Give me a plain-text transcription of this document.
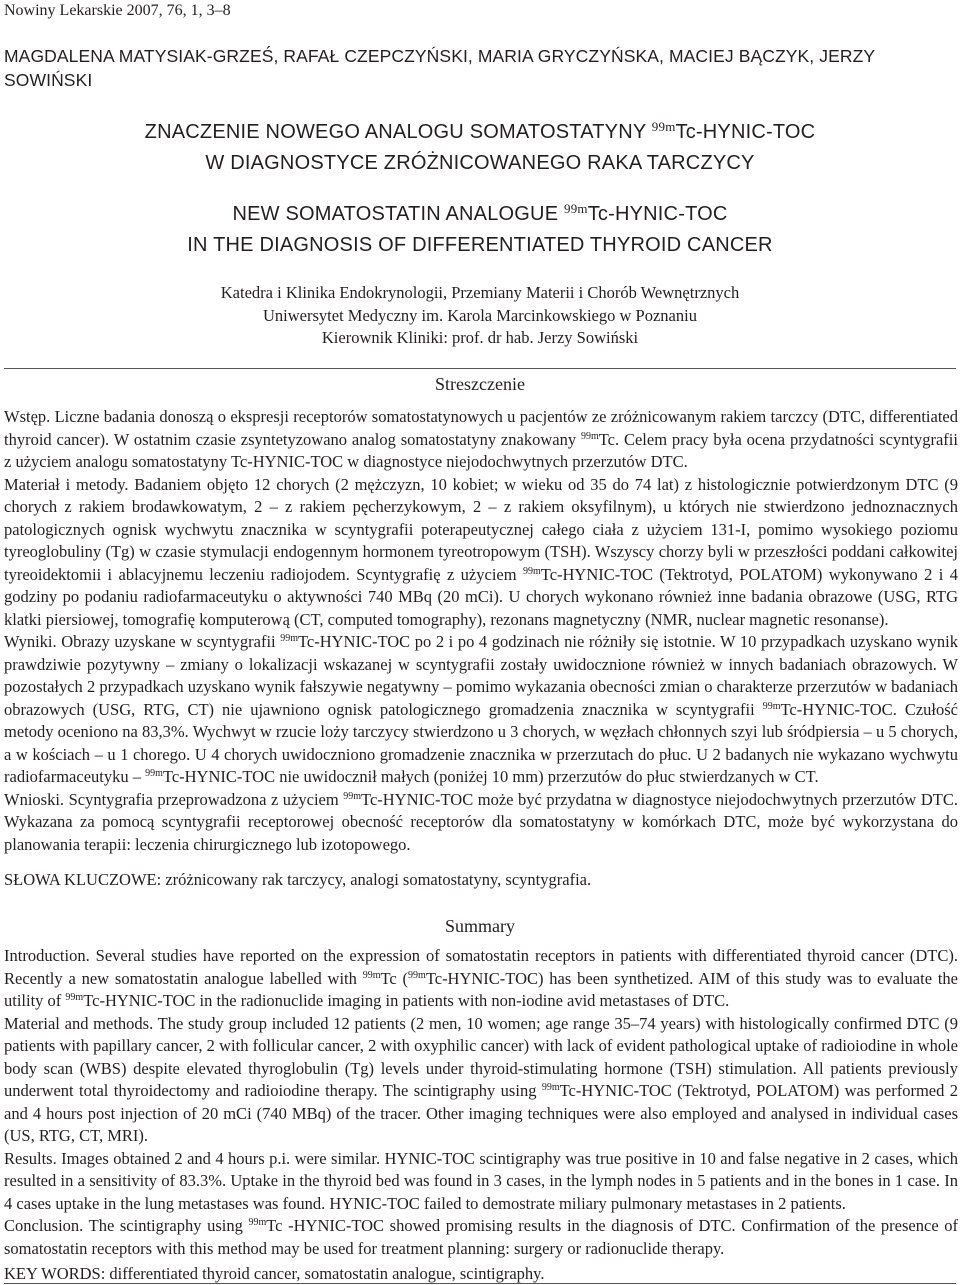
Nowiny Lekarskie 2007, 76, 1, 3–8
MAGDALENA MATYSIAK-GRZEŚ, RAFAŁ CZEPCZYŃSKI, MARIA GRYCZYŃSKA, MACIEJ BĄCZYK, JERZY SOWIŃSKI
ZNACZENIE NOWEGO ANALOGU SOMATOSTATYNY $^{99m}$Tc-HYNIC-TOC
W DIAGNOSTYCE ZRÓŻNICOWANEGO RAKA TARCZYCY
NEW SOMATOSTATIN ANALOGUE $^{99m}$Tc-HYNIC-TOC
IN THE DIAGNOSIS OF DIFFERENTIATED THYROID CANCER
Katedra i Klinika Endokrynologii, Przemiany Materii i Chorób Wewnętrznych
Uniwersytet Medyczny im. Karola Marcinkowskiego w Poznaniu
Kierownik Kliniki: prof. dr hab. Jerzy Sowiński
Streszczenie

Wstęp. Liczne badania donoszą o ekspresji receptorów somatostatynowych u pacjentów ze zróżnicowanym rakiem tarczcy (DTC, differentiated thyroid cancer). W ostatnim czasie zsyntetyzowano analog somatostatyny znakowany $^{99m}$Tc. Celem pracy była ocena przydatności scyntygrafii z użyciem analogu somatostatyny Tc-HYNIC-TOC w diagnostyce niejodochwytnych przerzutów DTC.

Materiał i metody. Badaniem objęto 12 chorych (2 mężczyzn, 10 kobiet; w wieku od 35 do 74 lat) z histologicznie potwierdzonym DTC (9 chorych z rakiem brodawkowatym, 2 – z rakiem pęcherzykowym, 2 – z rakiem oksyfilnym), u których nie stwierdzono jednoznacznych patologicznych ognisk wychwytu znacznika w scyntygrafii poterapeutycznej całego ciała z użyciem 131-I, pomimo wysokiego poziomu tyreoglobuliny (Tg) w czasie stymulacji endogennym hormonem tyreotropowym (TSH). Wszyscy chorzy byli w przeszłości poddani całkowitej tyreoidektomii i ablacyjnemu leczeniu radiojodem. Scyntygrafię z użyciem $^{99m}$Tc-HYNIC-TOC (Tektrotyd, POLATOM) wykonywano 2 i 4 godziny po podaniu radiofarmaceutyku o aktywności 740 MBq (20 mCi). U chorych wykonano również inne badania obrazowe (USG, RTG klatki piersiowej, tomografię komputerową (CT, computed tomography), rezonans magnetyczny (NMR, nuclear magnetic resonanse).

Wyniki. Obrazy uzyskane w scyntygrafii $^{99m}$Tc-HYNIC-TOC po 2 i po 4 godzinach nie różniły się istotnie. W 10 przypadkach uzyskano wynik prawdziwie pozytywny – zmiany o lokalizacji wskazanej w scyntygrafii zostały uwidocznione również w innych badaniach obrazowych. W pozostałych 2 przypadkach uzyskano wynik fałszywie negatywny – pomimo wykazania obecności zmian o charakterze przerzutów w badaniach obrazowych (USG, RTG, CT) nie ujawniono ognisk patologicznego gromadzenia znacznika w scyntygrafii $^{99m}$Tc-HYNIC-TOC. Czułość metody oceniono na 83,3%. Wychwyt w rzucie loży tarczycy stwierdzono u 3 chorych, w węzłach chłonnych szyi lub śródpiersia – u 5 chorych, a w kościach – u 1 chorego. U 4 chorych uwidoczniono gromadzenie znacznika w przerzutach do płuc. U 2 badanych nie wykazano wychwytu radiofarmaceutyku – $^{99m}$Tc-HYNIC-TOC nie uwidocznił małych (poniżej 10 mm) przerzutów do płuc stwierdzanych w CT.

Wnioski. Scyntygrafia przeprowadzona z użyciem $^{99m}$Tc-HYNIC-TOC może być przydatna w diagnostyce niejodochwytnych przerzutów DTC. Wykazana za pomocą scyntygrafii receptorowej obecność receptorów dla somatostatyny w komórkach DTC, może być wykorzystana do planowania terapii: leczenia chirurgicznego lub izotopowego.

SŁOWA KLUCZOWE: zróżnicowany rak tarczycy, analogi somatostatyny, scyntygrafia.
Summary

Introduction. Several studies have reported on the expression of somatostatin receptors in patients with differentiated thyroid cancer (DTC). Recently a new somatostatin analogue labelled with $^{99m}$Tc ($^{99m}$Tc-HYNIC-TOC) has been synthetized. AIM of this study was to evaluate the utility of $^{99m}$Tc-HYNIC-TOC in the radionuclide imaging in patients with non-iodine avid metastases of DTC.

Material and methods. The study group included 12 patients (2 men, 10 women; age range 35–74 years) with histologically confirmed DTC (9 patients with papillary cancer, 2 with follicular cancer, 2 with oxyphilic cancer) with lack of evident pathological uptake of radioiodine in whole body scan (WBS) despite elevated thyroglobulin (Tg) levels under thyroid-stimulating hormone (TSH) stimulation. All patients previously underwent total thyroidectomy and radioiodine therapy. The scintigraphy using $^{99m}$Tc-HYNIC-TOC (Tektrotyd, POLATOM) was performed 2 and 4 hours post injection of 20 mCi (740 MBq) of the tracer. Other imaging techniques were also employed and analysed in individual cases (US, RTG, CT, MRI).

Results. Images obtained 2 and 4 hours p.i. were similar. HYNIC-TOC scintigraphy was true positive in 10 and false negative in 2 cases, which resulted in a sensitivity of 83.3%. Uptake in the thyroid bed was found in 3 cases, in the lymph nodes in 5 patients and in the bones in 1 case. In 4 cases uptake in the lung metastases was found. HYNIC-TOC failed to demostrate miliary pulmonary metastases in 2 patients.

Conclusion. The scintigraphy using $^{99m}$Tc -HYNIC-TOC showed promising results in the diagnosis of DTC. Confirmation of the presence of somatostatin receptors with this method may be used for treatment planning: surgery or radionuclide therapy.

KEY WORDS: differentiated thyroid cancer, somatostatin analogue, scintigraphy.
